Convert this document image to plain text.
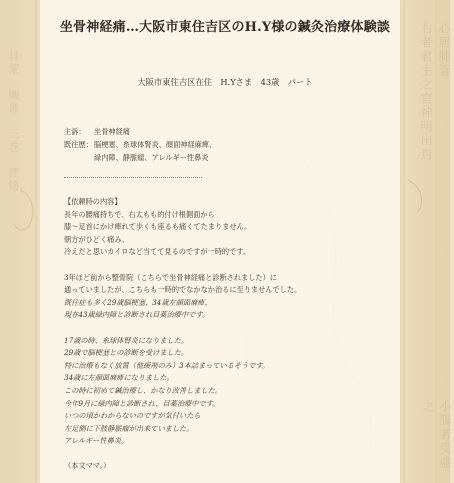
貝蒙　圖叢　三巻　經絡	右者君主之官神明出焉 心居肺管
小腸者受盛之
坐骨神経痛…大阪市東住吉区のH.Y様の鍼灸治療体験談
大阪市東住吉区在住　H.Yさま　43歳　パート
主訴：	坐骨神経痛
既往歴： 脳梗塞、糸球体腎炎、顔面神経麻痺、
緑内障、静脈瘤、アレルギー性鼻炎
【依頼時の内容】
長年の腰痛持ちで、右太もも的付け根側面から
膝～足首にかけ痺れて歩くも座るも痛くてたまりません。
朝方がひどく痛み、
冷えだと思いカイロなど当てて見るのですが一時的です。
3年ほど前から整骨院（こちらで坐骨神経痛と診断されました）に
通っていましたが、こちらも一時的でなかなか治るに至りませんでした。
既往症も多く29歳脳梗塞、34歳左顔面麻痺、
現在43歳緑内障と診断され目薬治療中です。
17歳の時、糸球体腎炎になりました。
29歳で脳梗塞との診断を受けました。
特に治療もなく放置（他緩剤のみ）3本詰まっているそうです。
34歳に左顔面麻痺になりました。
この時に初めて鍼治療し、かなり改善しました。
今年9月に緑内障と診断され、目薬治療中です。
いつの頃かわからないのですが気付いたら
左足側に下肢静脈瘤が出来ていました。
アレルギー性鼻炎。
（本文ママ。）
